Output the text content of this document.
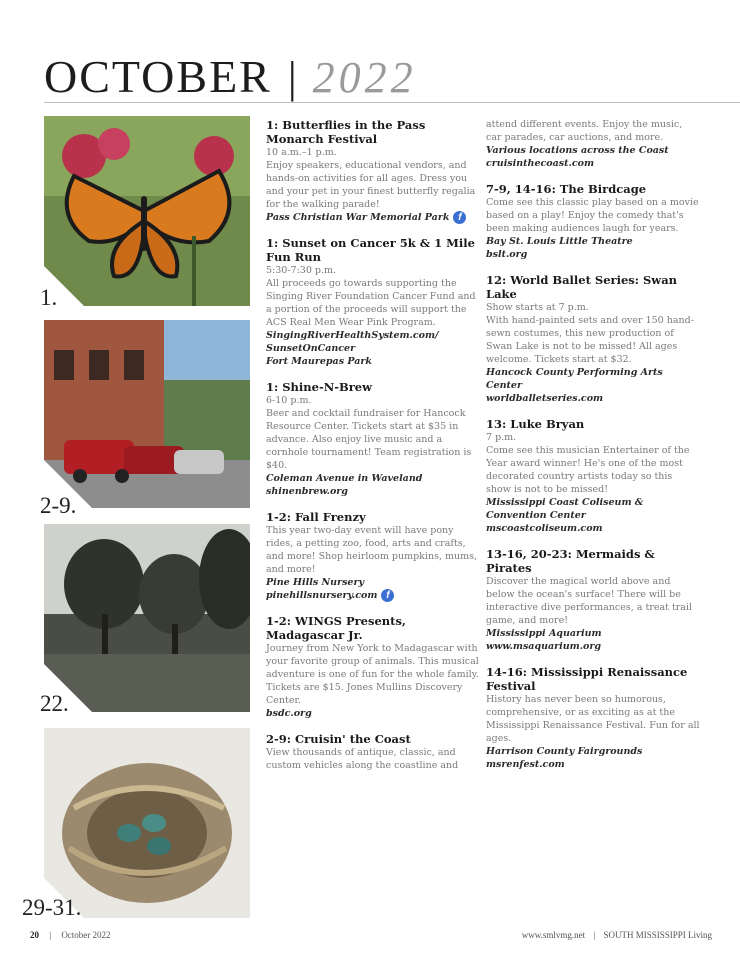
OCTOBER | 2022
1.
2-9.
22.
29-31.
1: Butterflies in the Pass Monarch Festival
10 a.m.–1 p.m.
Enjoy speakers, educational vendors, and hands-on activities for all ages. Dress you and your pet in your finest butterfly regalia for the walking parade!
Pass Christian War Memorial Park f
1: Sunset on Cancer 5k & 1 Mile Fun Run
5:30-7:30 p.m.
All proceeds go towards supporting the Singing River Foundation Cancer Fund and a portion of the proceeds will support the ACS Real Men Wear Pink Program.
SingingRiverHealthSystem.com/
SunsetOnCancer
Fort Maurepas Park
1: Shine-N-Brew
6-10 p.m.
Beer and cocktail fundraiser for Hancock Resource Center. Tickets start at $35 in advance. Also enjoy live music and a cornhole tournament! Team registration is $40.
Coleman Avenue in Waveland
shinenbrew.org
1-2: Fall Frenzy
This year two-day event will have pony rides, a petting zoo, food, arts and crafts, and more! Shop heirloom pumpkins, mums, and more!
Pine Hills Nursery
pinehillsnursery.com f
1-2: WINGS Presents, Madagascar Jr.
Journey from New York to Madagascar with your favorite group of animals. This musical adventure is one of fun for the whole family. Tickets are $15. Jones Mullins Discovery Center.
bsdc.org
2-9: Cruisin' the Coast
View thousands of antique, classic, and custom vehicles along the coastline and
attend different events. Enjoy the music, car parades, car auctions, and more.
Various locations across the Coast
cruisinthecoast.com
7-9, 14-16: The Birdcage
Come see this classic play based on a movie based on a play! Enjoy the comedy that's been making audiences laugh for years.
Bay St. Louis Little Theatre
bslt.org
12: World Ballet Series: Swan Lake
Show starts at 7 p.m.
With hand-painted sets and over 150 hand-sewn costumes, this new production of Swan Lake is not to be missed! All ages welcome. Tickets start at $32.
Hancock County Performing Arts Center
worldballetseries.com
13: Luke Bryan
7 p.m.
Come see this musician Entertainer of the Year award winner! He's one of the most decorated country artists today so this show is not to be missed!
Mississippi Coast Coliseum & Convention Center
mscoastcoliseum.com
13-16, 20-23: Mermaids & Pirates
Discover the magical world above and below the ocean's surface! There will be interactive dive performances, a treat trail game, and more!
Mississippi Aquarium
www.msaquarium.org
14-16: Mississippi Renaissance Festival
History has never been so humorous, comprehensive, or as exciting as at the Mississippi Renaissance Festival. Fun for all ages.
Harrison County Fairgrounds
msrenfest.com
20 | October 2022	www.smlvmg.net | SOUTH MISSISSIPPI Living
